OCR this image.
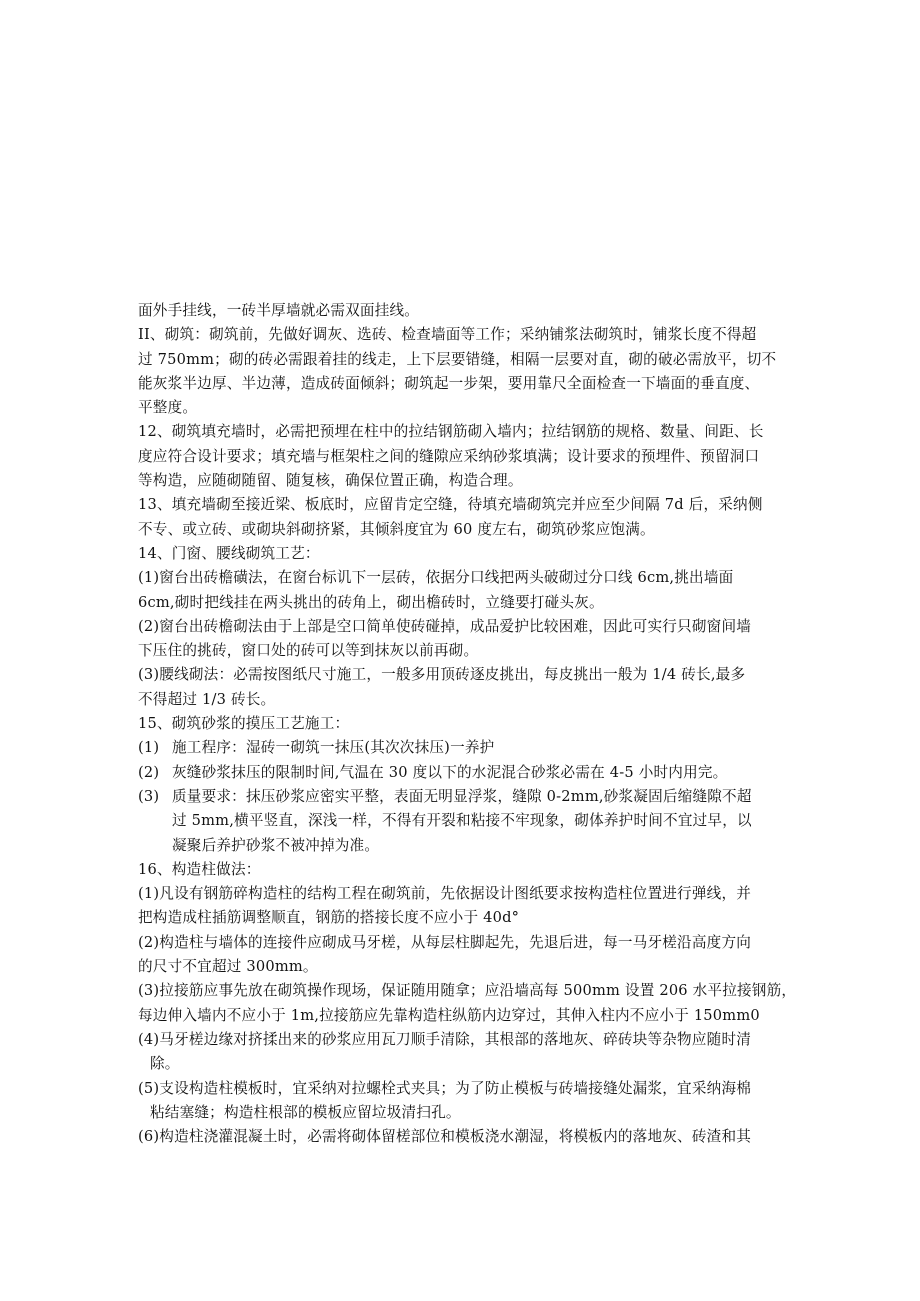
面外手挂线，一砖半厚墙就必需双面挂线。

II、砌筑：砌筑前，先做好调灰、选砖、检查墙面等工作；采纳铺浆法砌筑时，铺浆长度不得超

过 750mm；砌的砖必需跟着挂的线走，上下层要错缝，相隔一层要对直，砌的破必需放平，切不

能灰浆半边厚、半边薄，造成砖面倾斜；砌筑起一步架，要用靠尺全面检查一下墙面的垂直度、

平整度。

12、砌筑填充墙时，必需把预埋在柱中的拉结钢筋砌入墙内；拉结钢筋的规格、数量、间距、长

度应符合设计要求；填充墙与框架柱之间的缝隙应采纳砂浆填满；设计要求的预埋件、预留洞口

等构造，应随砌随留、随复核，确保位置正确，构造合理。

13、填充墙砌至接近梁、板底时，应留肯定空缝，待填充墙砌筑完并应至少间隔 7d 后，采纳侧

不专、或立砖、或砌块斜砌挤紧，其倾斜度宜为 60 度左右，砌筑砂浆应饱满。

14、门窗、腰线砌筑工艺：

(1)窗台出砖檐磺法，在窗台标讥下一层砖，依据分口线把两头破砌过分口线 6cm,挑出墙面

6cm,砌时把线挂在两头挑出的砖角上，砌出檐砖时，立缝要打碰头灰。

(2)窗台出砖檐砌法由于上部是空口简单使砖碰掉，成品爱护比较困难，因此可实行只砌窗间墙

下压住的挑砖，窗口处的砖可以等到抹灰以前再砌。

(3)腰线砌法：必需按图纸尺寸施工，一般多用顶砖逐皮挑出，每皮挑出一般为 1/4 砖长,最多

不得超过 1/3 砖长。

15、砌筑砂浆的摸压工艺施工：

(1) 施工程序：湿砖一砌筑一抹压(其次次抹压)一养护

(2) 灰缝砂浆抹压的限制时间,气温在 30 度以下的水泥混合砂浆必需在 4-5 小时内用完。

(3) 质量要求：抹压砂浆应密实平整，表面无明显浮浆，缝隙 0-2mm,砂浆凝固后缩缝隙不超

过 5mm,横平竖直，深浅一样，不得有开裂和粘接不牢现象，砌体养护时间不宜过早，以

凝聚后养护砂浆不被冲掉为准。

16、构造柱做法：

(1)凡设有钢筋碎构造柱的结构工程在砌筑前，先依据设计图纸要求按构造柱位置进行弹线，并

把构造成柱插筋调整顺直，钢筋的搭接长度不应小于 40d°

(2)构造柱与墙体的连接件应砌成马牙槎，从每层柱脚起先，先退后进，每一马牙槎沿高度方向

的尺寸不宜超过 300mm。

(3)拉接筋应事先放在砌筑操作现场，保证随用随拿；应沿墙高每 500mm 设置 206 水平拉接钢筋，

每边伸入墙内不应小于 1m,拉接筋应先靠构造柱纵筋内边穿过，其伸入柱内不应小于 150mm0

(4)马牙槎边缘对挤揉出来的砂浆应用瓦刀顺手清除，其根部的落地灰、碎砖块等杂物应随时清

除。

(5)支设构造柱模板时，宜采纳对拉螺栓式夹具；为了防止模板与砖墙接缝处漏浆，宜采纳海棉

粘结塞缝；构造柱根部的模板应留垃圾清扫孔。

(6)构造柱浇灌混凝土时，必需将砌体留槎部位和模板浇水潮湿，将模板内的落地灰、砖渣和其
